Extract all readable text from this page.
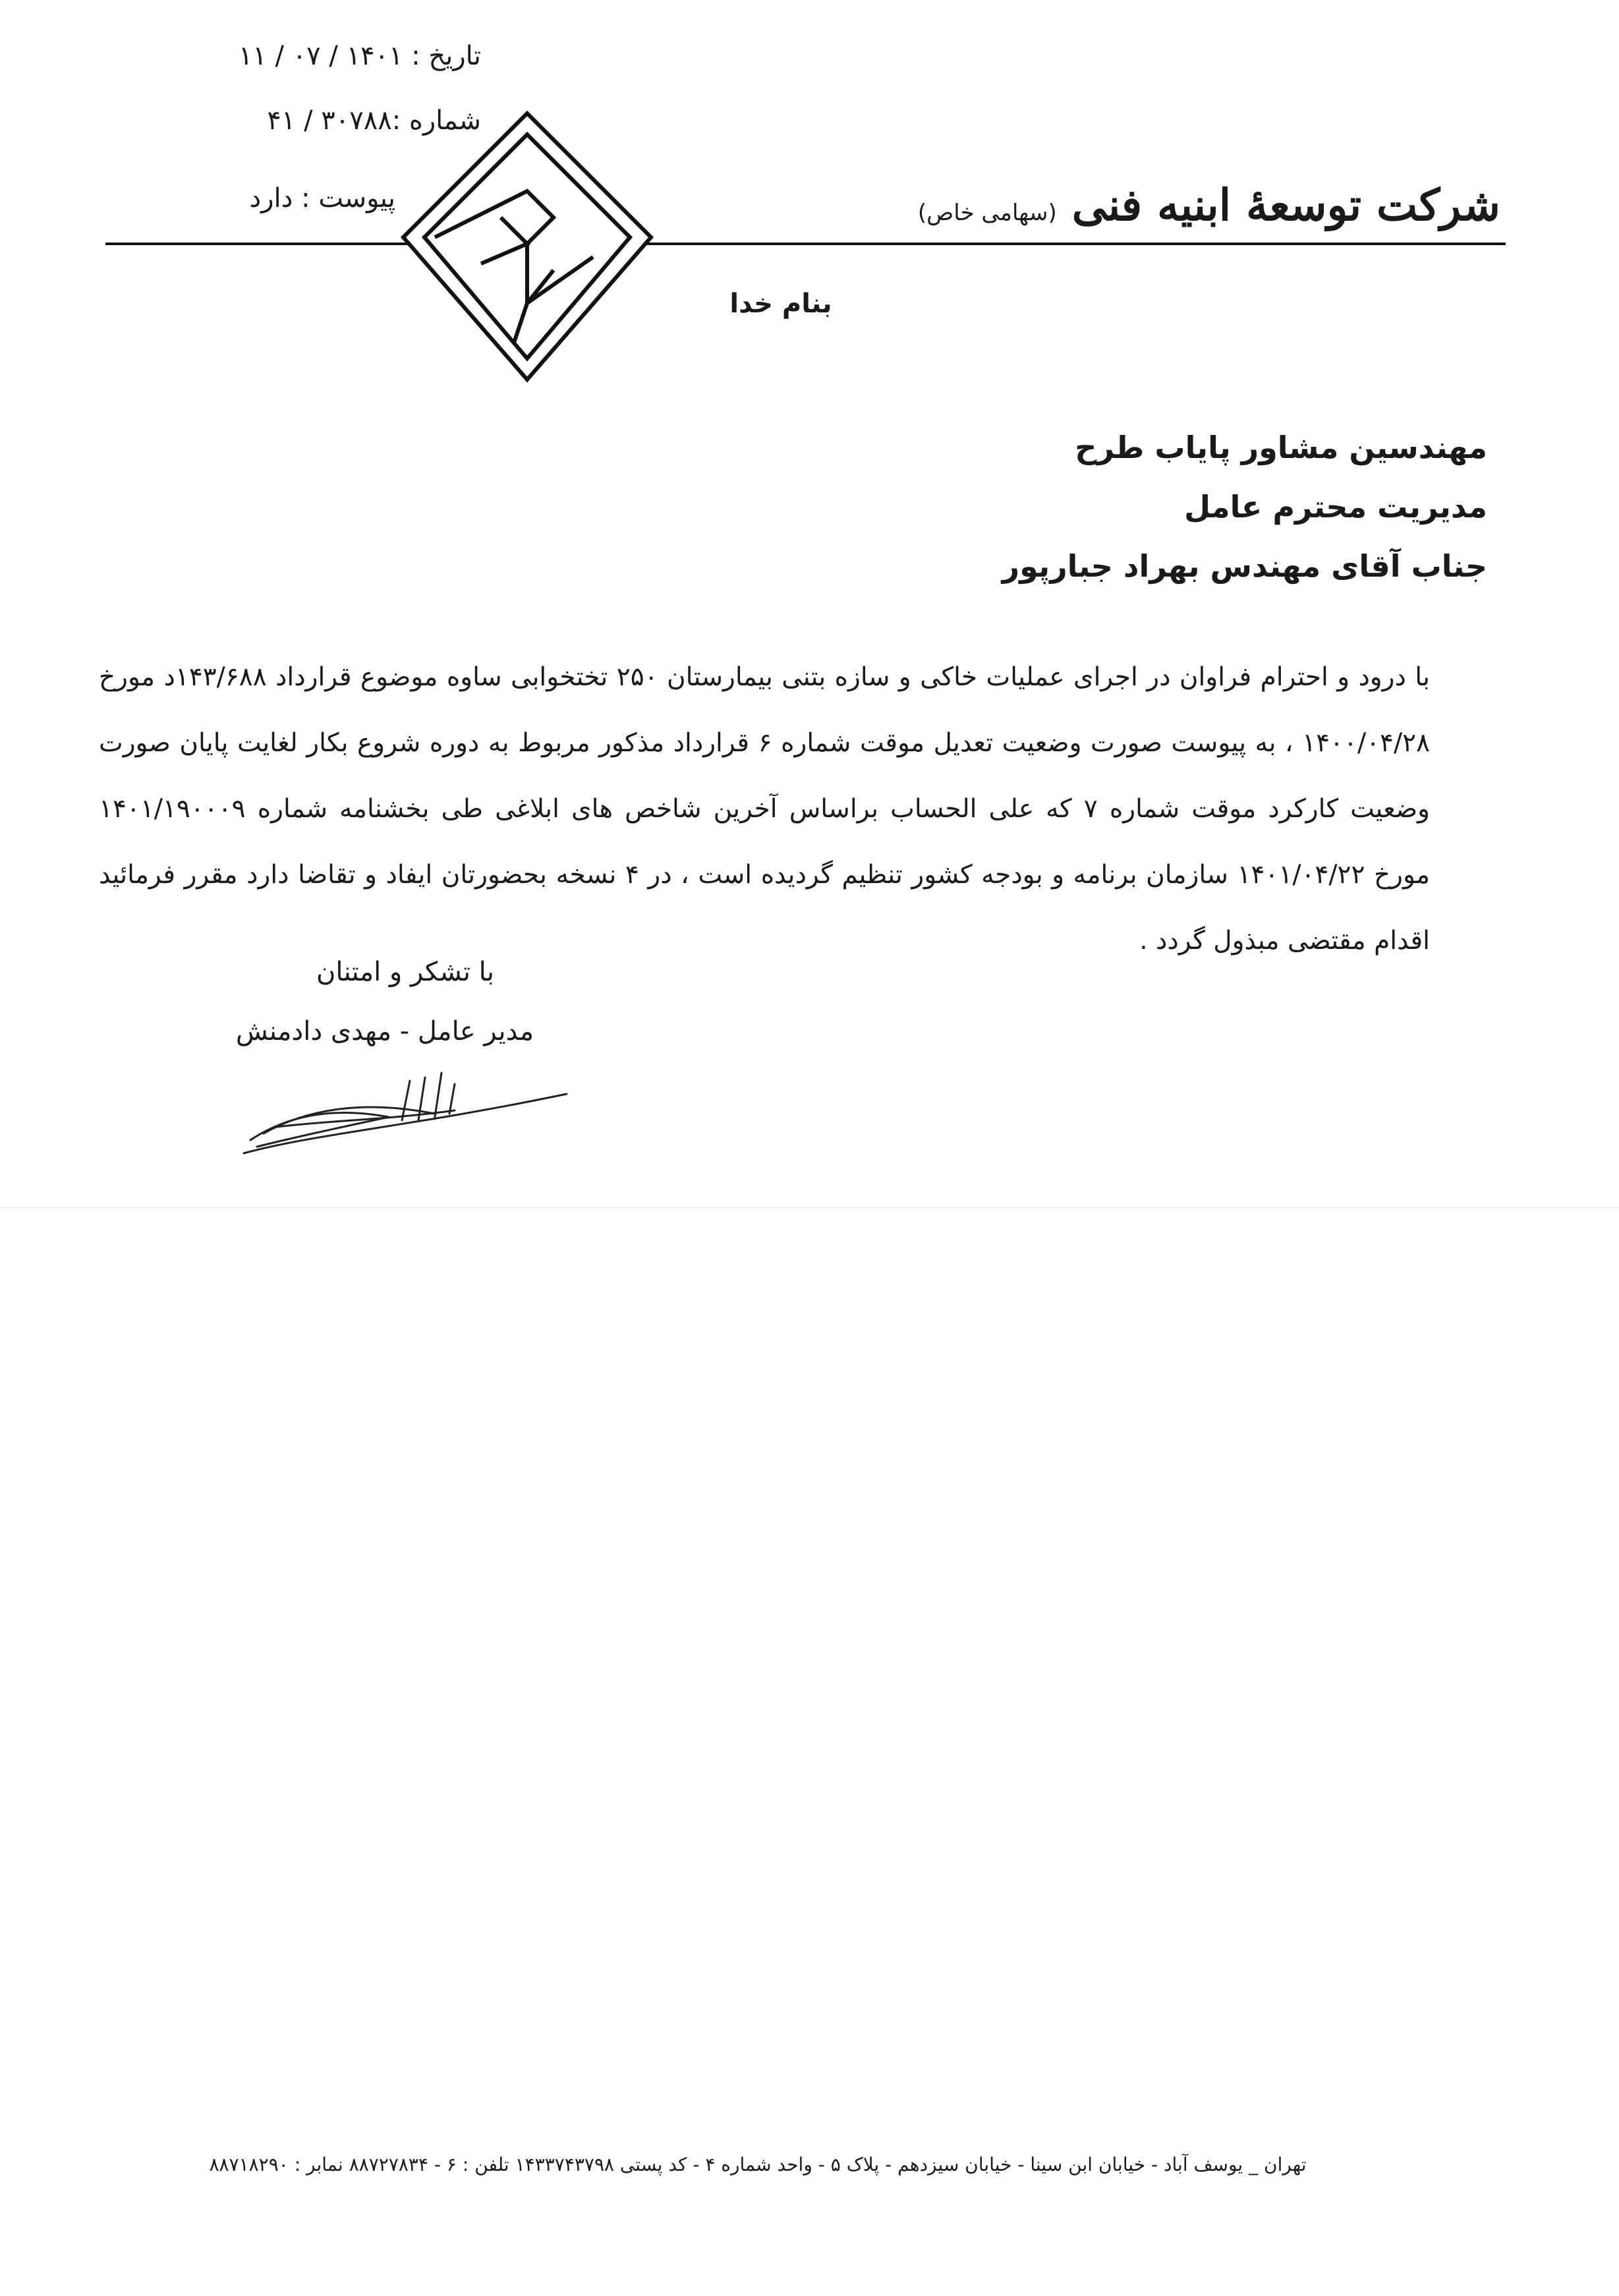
تاریخ : ۱۴۰۱ / ۰۷ / ۱۱
شماره :۳۰۷۸۸ / ۴۱
پیوست : دارد	شرکت توسعهٔ ابنیه فنی (سهامی خاص)
بنام خدا
مهندسین مشاور پایاب طرح
مدیریت محترم عامل
جناب آقای مهندس بهراد جبارپور
با درود و احترام فراوان در اجرای عملیات خاکی و سازه بتنی بیمارستان ۲۵۰ تختخوابی ساوه موضوع قرارداد ۱۴۳/۶۸۸د مورخ ۱۴۰۰/۰۴/۲۸ ، به پیوست صورت وضعیت تعدیل موقت شماره ۶ قرارداد مذکور مربوط به دوره شروع بکار لغایت پایان صورت وضعیت کارکرد موقت شماره ۷ که علی الحساب براساس آخرین شاخص های ابلاغی طی بخشنامه شماره ۱۴۰۱/۱۹۰۰۰۹ مورخ ۱۴۰۱/۰۴/۲۲ سازمان برنامه و بودجه کشور تنظیم گردیده است ، در ۴ نسخه بحضورتان ایفاد و تقاضا دارد مقرر فرمائید اقدام مقتضی مبذول گردد .
با تشکر و امتنان
مدیر عامل - مهدی دادمنش
تهران _ یوسف آباد - خیابان ابن سینا - خیابان سیزدهم - پلاک ۵ - واحد شماره ۴ - کد پستی ۱۴۳۳۷۴۳۷۹۸ تلفن : ۶ - ۸۸۷۲۷۸۳۴ نمابر : ۸۸۷۱۸۲۹۰
